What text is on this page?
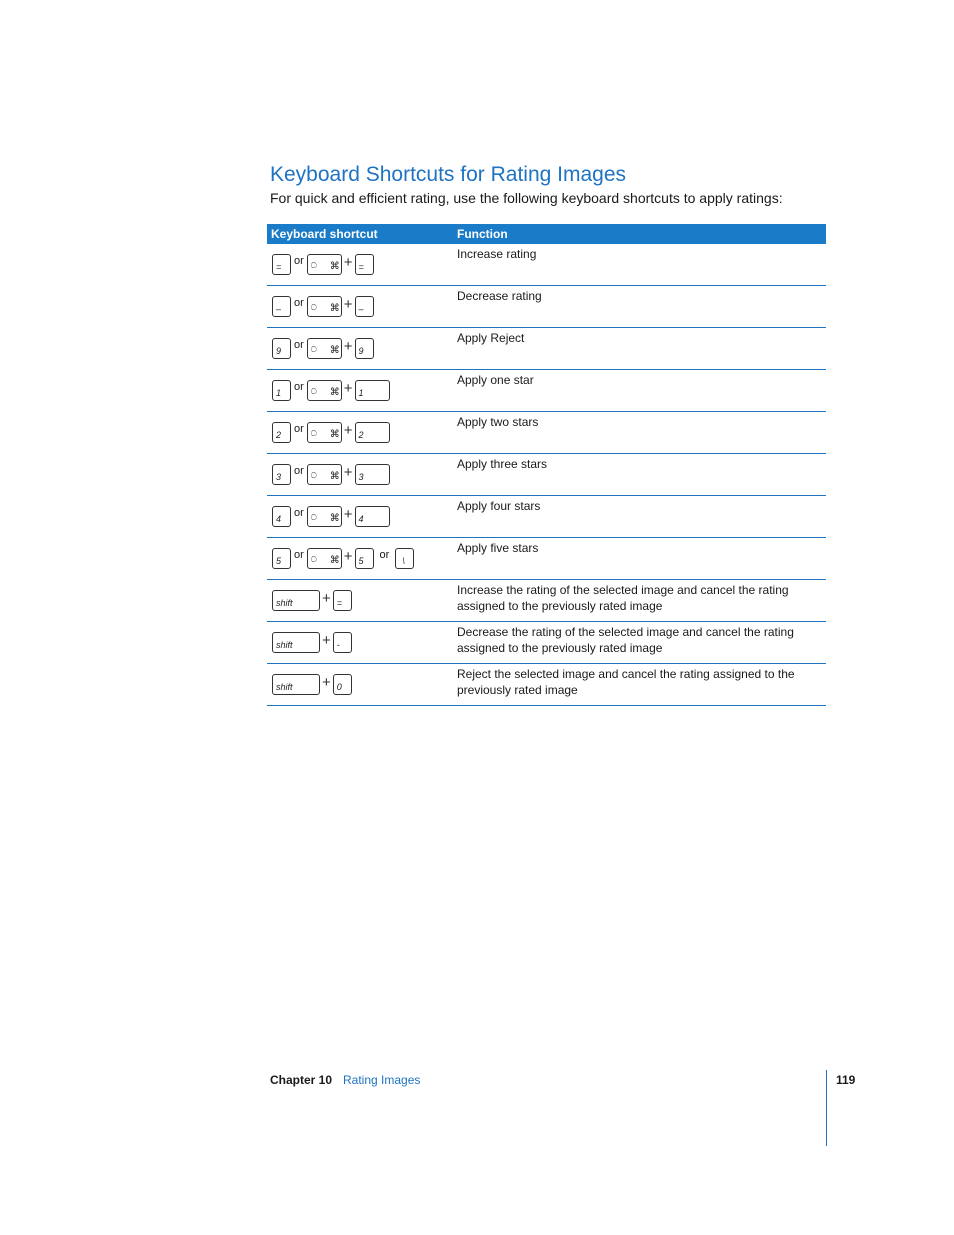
Keyboard Shortcuts for Rating Images

For quick and efficient rating, use the following keyboard shortcuts to apply ratings:

Keyboard shortcut	Function
= or ⍥ ⌘ + =
Increase rating
– or ⍥ ⌘ + –
Decrease rating
9 or ⍥ ⌘ + 9
Apply Reject
1 or ⍥ ⌘ + 1
Apply one star
2 or ⍥ ⌘ + 2
Apply two stars
3 or ⍥ ⌘ + 3
Apply three stars
4 or ⍥ ⌘ + 4
Apply four stars
5 or ⍥ ⌘ + 5 or \
Apply five stars
shift + =
Increase the rating of the selected image and cancel the rating assigned to the previously rated image
shift + -
Decrease the rating of the selected image and cancel the rating assigned to the previously rated image
shift + 0
Reject the selected image and cancel the rating assigned to the previously rated image
Chapter 10 Rating Images	119
